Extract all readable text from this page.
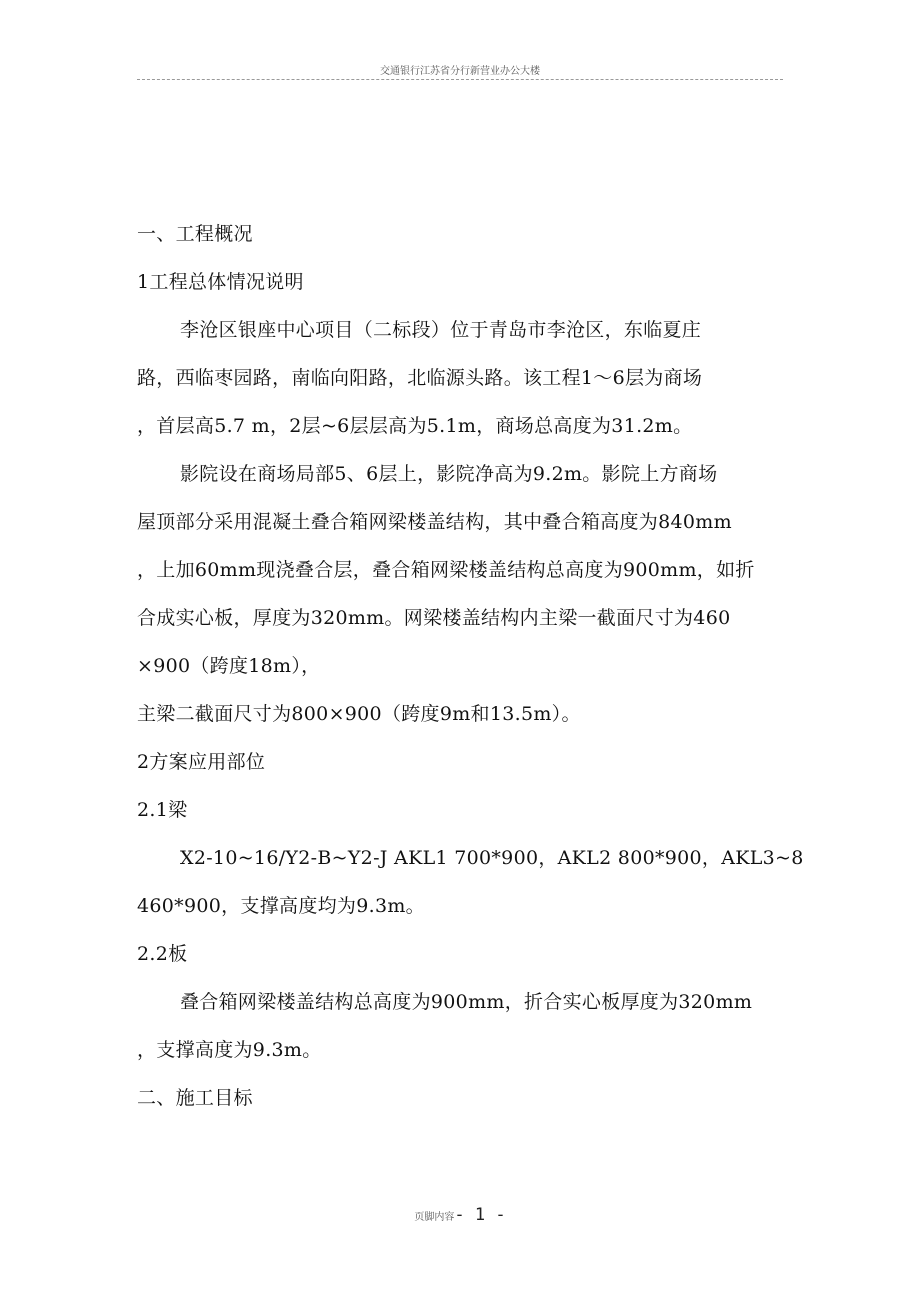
交通银行江苏省分行新营业办公大楼
一、工程概况
1工程总体情况说明
李沧区银座中心项目（二标段）位于青岛市李沧区，东临夏庄
路，西临枣园路，南临向阳路，北临源头路。该工程1～6层为商场
，首层高5.7 m，2层~6层层高为5.1m，商场总高度为31.2m。
影院设在商场局部5、6层上，影院净高为9.2m。影院上方商场
屋顶部分采用混凝土叠合箱网梁楼盖结构，其中叠合箱高度为840mm
，上加60mm现浇叠合层，叠合箱网梁楼盖结构总高度为900mm，如折
合成实心板，厚度为320mm。网梁楼盖结构内主梁一截面尺寸为460
×900（跨度18m），
主梁二截面尺寸为800×900（跨度9m和13.5m）。
2方案应用部位
2.1梁
X2-10~16/Y2-B~Y2-J AKL1 700*900，AKL2 800*900，AKL3~8
460*900，支撑高度均为9.3m。
2.2板
叠合箱网梁楼盖结构总高度为900mm，折合实心板厚度为320mm
，支撑高度为9.3m。
二、施工目标
页脚内容- 1 -
